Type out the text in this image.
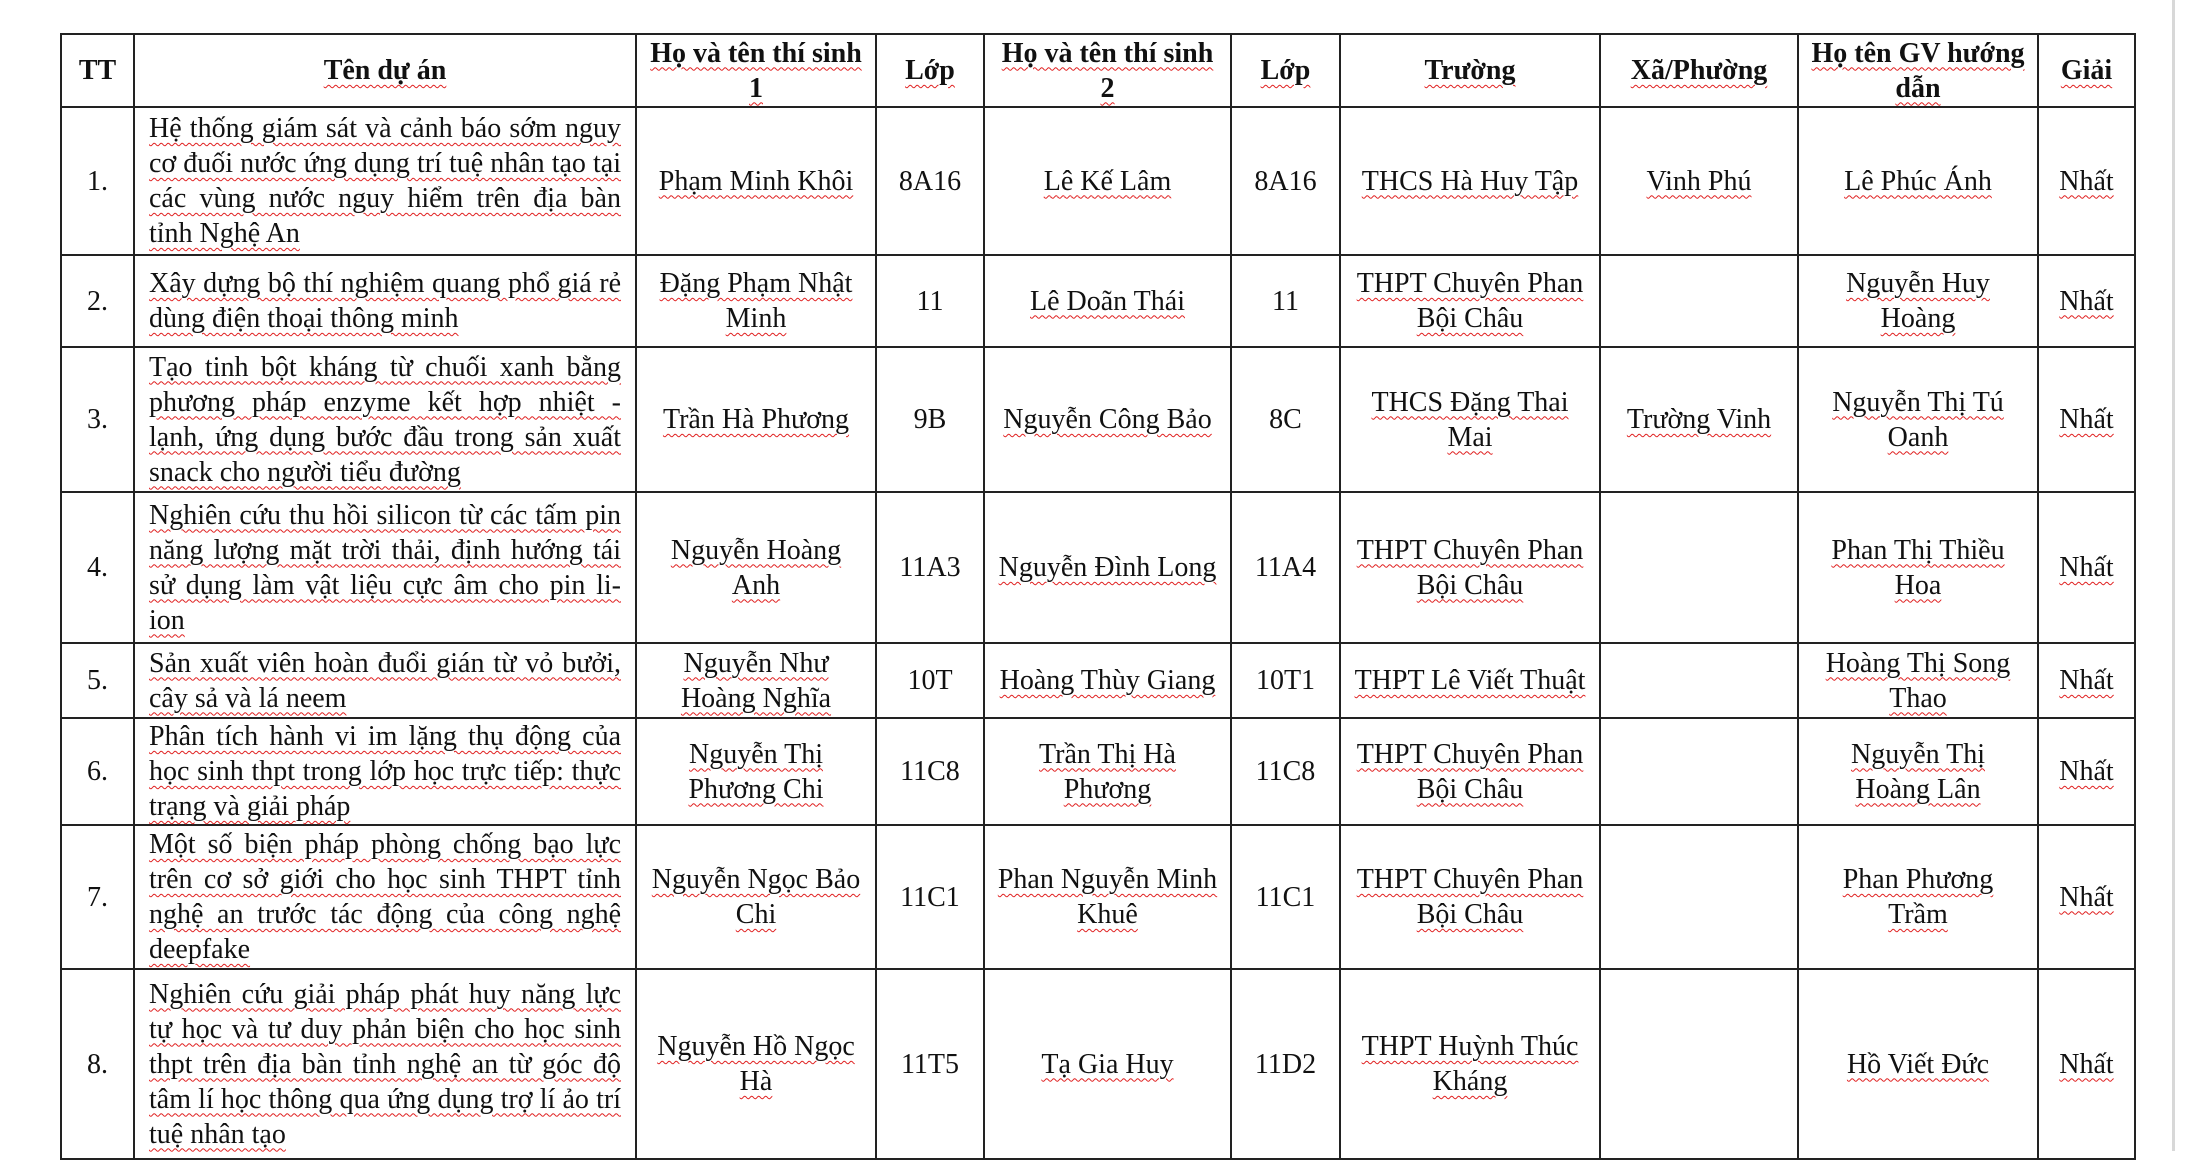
TT	Tên dự án	Họ và tên thí sinh 1	Lớp	Họ và tên thí sinh 2	Lớp	Trường	Xã/Phường	Họ tên GV hướng dẫn	Giải
1.	Hệ thống giám sát và cảnh báo sớm nguy cơ đuối nước ứng dụng trí tuệ nhân tạo tại các vùng nước nguy hiểm trên địa bàn tỉnh Nghệ An	Phạm Minh Khôi	8A16	Lê Kế Lâm	8A16	THCS Hà Huy Tập	Vinh Phú	Lê Phúc Ánh	Nhất
2.	Xây dựng bộ thí nghiệm quang phổ giá rẻ dùng điện thoại thông minh	Đặng Phạm Nhật Minh	11	Lê Doãn Thái	11	THPT Chuyên Phan Bội Châu		Nguyễn Huy Hoàng	Nhất
3.	Tạo tinh bột kháng từ chuối xanh bằng phương pháp enzyme kết hợp nhiệt - lạnh, ứng dụng bước đầu trong sản xuất snack cho người tiểu đường	Trần Hà Phương	9B	Nguyễn Công Bảo	8C	THCS Đặng Thai Mai	Trường Vinh	Nguyễn Thị Tú Oanh	Nhất
4.	Nghiên cứu thu hồi silicon từ các tấm pin năng lượng mặt trời thải, định hướng tái sử dụng làm vật liệu cực âm cho pin li-ion	Nguyễn Hoàng Anh	11A3	Nguyễn Đình Long	11A4	THPT Chuyên Phan Bội Châu		Phan Thị Thiều Hoa	Nhất
5.	Sản xuất viên hoàn đuổi gián từ vỏ bưởi, cây sả và lá neem	Nguyễn Như Hoàng Nghĩa	10T	Hoàng Thùy Giang	10T1	THPT Lê Viết Thuật		Hoàng Thị Song Thao	Nhất
6.	Phân tích hành vi im lặng thụ động của học sinh thpt trong lớp học trực tiếp: thực trạng và giải pháp	Nguyễn Thị Phương Chi	11C8	Trần Thị Hà Phương	11C8	THPT Chuyên Phan Bội Châu		Nguyễn Thị Hoàng Lân	Nhất
7.	Một số biện pháp phòng chống bạo lực trên cơ sở giới cho học sinh THPT tỉnh nghệ an trước tác động của công nghệ deepfake	Nguyễn Ngọc Bảo Chi	11C1	Phan Nguyễn Minh Khuê	11C1	THPT Chuyên Phan Bội Châu		Phan Phương Trầm	Nhất
8.	Nghiên cứu giải pháp phát huy năng lực tự học và tư duy phản biện cho học sinh thpt trên địa bàn tỉnh nghệ an từ góc độ tâm lí học thông qua ứng dụng trợ lí ảo trí tuệ nhân tạo	Nguyễn Hồ Ngọc Hà	11T5	Tạ Gia Huy	11D2	THPT Huỳnh Thúc Kháng		Hồ Viết Đức	Nhất
